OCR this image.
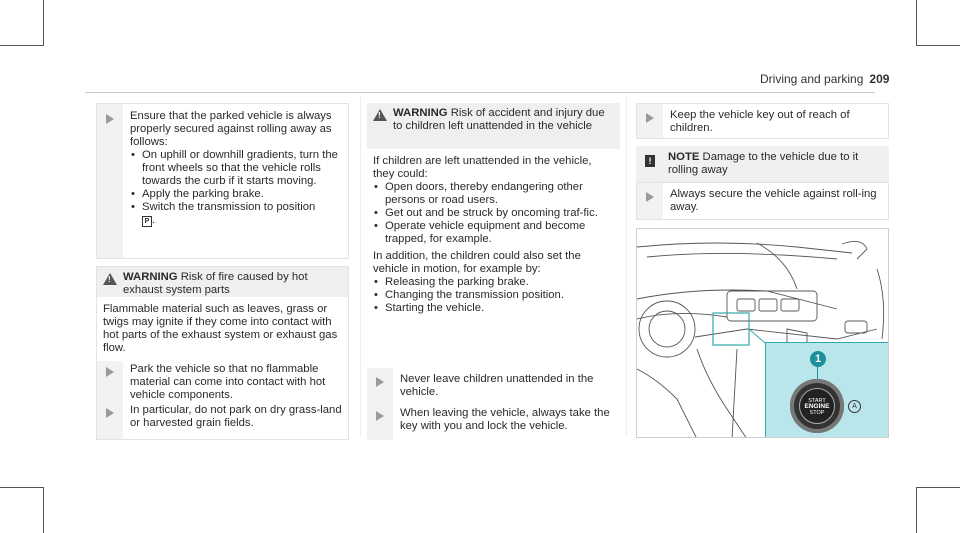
Driving and parking 209
Ensure that the parked vehicle is always properly secured against rolling away as follows:
• On uphill or downhill gradients, turn the front wheels so that the vehicle rolls towards the curb if it starts moving.
• Apply the parking brake.
• Switch the transmission to position
P .
!
WARNING Risk of fire caused by hot exhaust system parts
Flammable material such as leaves, grass or twigs may ignite if they come into contact with hot parts of the exhaust system or exhaust gas flow.
Park the vehicle so that no flammable material can come into contact with hot vehicle components.
In particular, do not park on dry grass-land or harvested grain fields.
!
WARNING Risk of accident and injury due to children left unattended in the vehicle
If children are left unattended in the vehicle, they could:
• Open doors, thereby endangering other persons or road users.
• Get out and be struck by oncoming traf-fic.
• Operate vehicle equipment and become trapped, for example.
In addition, the children could also set the vehicle in motion, for example by:
• Releasing the parking brake.
• Changing the transmission position.
• Starting the vehicle.
Never leave children unattended in the vehicle.
When leaving the vehicle, always take the key with you and lock the vehicle.
Keep the vehicle key out of reach of children.
!	NOTE Damage to the vehicle due to it rolling away
Always secure the vehicle against roll-ing away.
1
START
ENGINE
STOP
A
